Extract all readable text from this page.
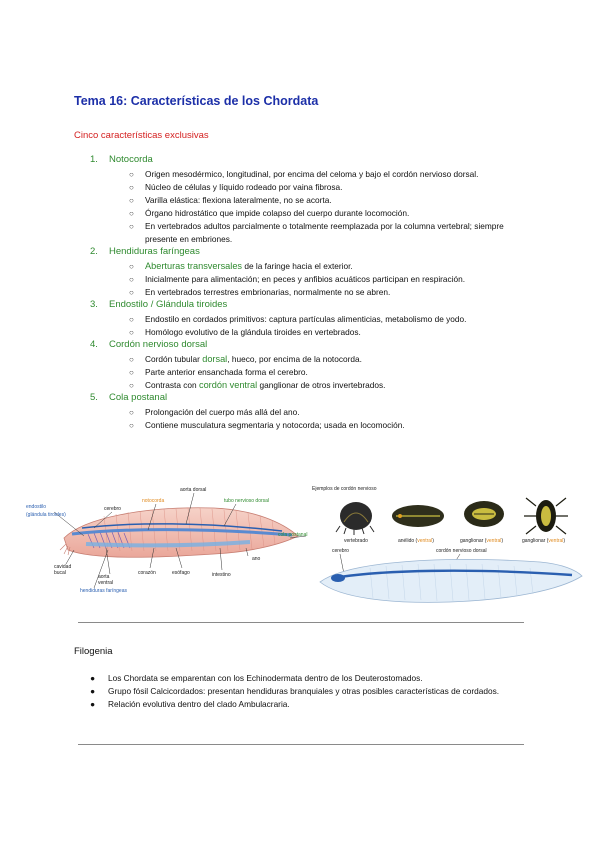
Tema 16: Características de los Chordata
Cinco características exclusivas
1. Notocorda
○ Origen mesodérmico, longitudinal, por encima del celoma y bajo el cordón nervioso dorsal.
○ Núcleo de células y líquido rodeado por vaina fibrosa.
○ Varilla elástica: flexiona lateralmente, no se acorta.
○ Órgano hidrostático que impide colapso del cuerpo durante locomoción.
○ En vertebrados adultos parcialmente o totalmente reemplazada por la columna vertebral; siempre presente en embriones.
2. Hendiduras faríngeas
○ Aberturas transversales de la faringe hacia el exterior.
○ Inicialmente para alimentación; en peces y anfibios acuáticos participan en respiración.
○ En vertebrados terrestres embrionarias, normalmente no se abren.
3. Endostilo / Glándula tiroides
○ Endostilo en cordados primitivos: captura partículas alimenticias, metabolismo de yodo.
○ Homólogo evolutivo de la glándula tiroides en vertebrados.
4. Cordón nervioso dorsal
○ Cordón tubular dorsal, hueco, por encima de la notocorda.
○ Parte anterior ensanchada forma el cerebro.
○ Contrasta con cordón ventral ganglionar de otros invertebrados.
5. Cola postanal
○ Prolongación del cuerpo más allá del ano.
○ Contiene musculatura segmentaria y notocorda; usada en locomoción.
endostilo
(glándula tiroides)
cerebro
notocorda
aorta dorsal
tubo nervioso dorsal
cola postanal
ano
cavidad
bucal
aorta
ventral
corazón	esófago	intestino
hendiduras faríngeas
Ejemplos de cordón nervioso
vertebrado	anélido (ventral)	ganglionar (ventral)	ganglionar (ventral)
cerebro	cordón nervioso dorsal
Filogenia
● Los Chordata se emparentan con los Echinodermata dentro de los Deuterostomados.
● Grupo fósil Calcicordados: presentan hendiduras branquiales y otras posibles características de cordados.
● Relación evolutiva dentro del clado Ambulacraria.
